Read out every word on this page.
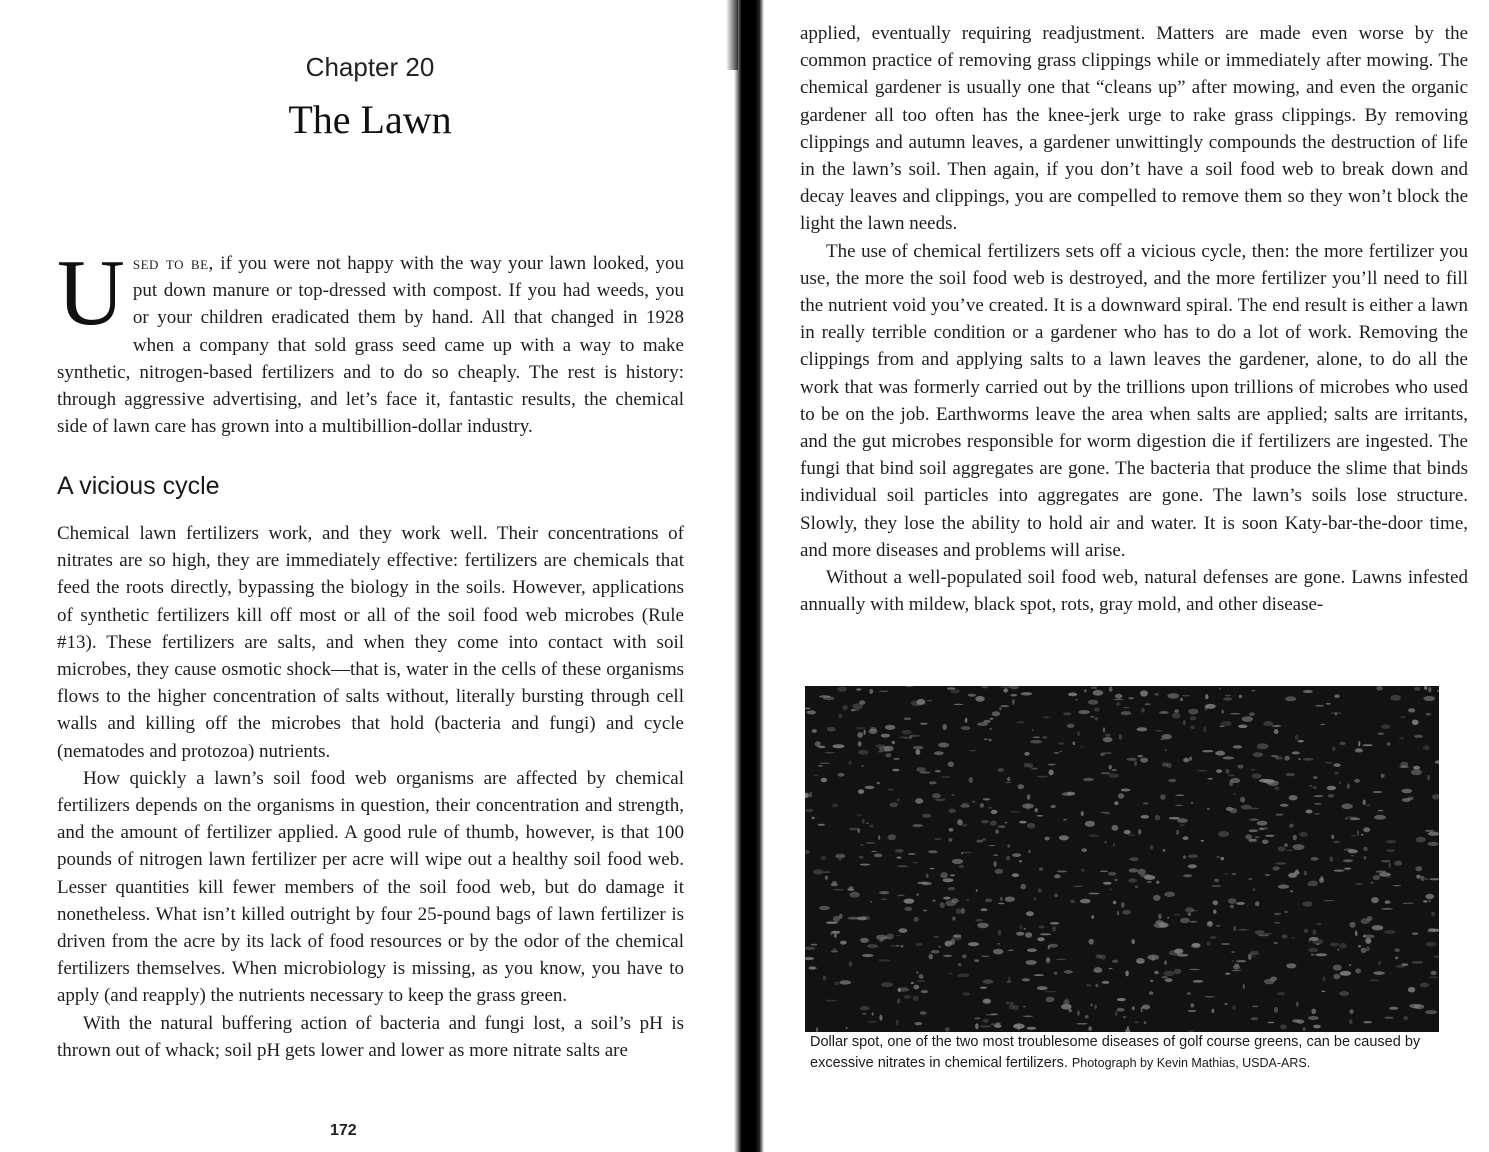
Chapter 20
The Lawn
Used to be, if you were not happy with the way your lawn looked, you put down manure or top-dressed with compost. If you had weeds, you or your children eradicated them by hand. All that changed in 1928 when a company that sold grass seed came up with a way to make synthetic, nitrogen-based fertilizers and to do so cheaply. The rest is history: through aggressive advertising, and let’s face it, fantastic results, the chemical side of lawn care has grown into a multibillion-dollar industry.
A vicious cycle

Chemical lawn fertilizers work, and they work well. Their concentrations of nitrates are so high, they are immediately effective: fertilizers are chemicals that feed the roots directly, bypassing the biology in the soils. However, applications of synthetic fertilizers kill off most or all of the soil food web microbes (Rule #13). These fertilizers are salts, and when they come into contact with soil microbes, they cause osmotic shock—that is, water in the cells of these organisms flows to the higher concentration of salts without, literally bursting through cell walls and killing off the microbes that hold (bacteria and fungi) and cycle (nematodes and protozoa) nutrients.

How quickly a lawn’s soil food web organisms are affected by chemical fertilizers depends on the organisms in question, their concentration and strength, and the amount of fertilizer applied. A good rule of thumb, however, is that 100 pounds of nitrogen lawn fertilizer per acre will wipe out a healthy soil food web. Lesser quantities kill fewer members of the soil food web, but do damage it nonetheless. What isn’t killed outright by four 25-pound bags of lawn fertilizer is driven from the acre by its lack of food resources or by the odor of the chemical fertilizers themselves. When microbiology is missing, as you know, you have to apply (and reapply) the nutrients necessary to keep the grass green.

With the natural buffering action of bacteria and fungi lost, a soil’s pH is thrown out of whack; soil pH gets lower and lower as more nitrate salts are

172

applied, eventually requiring readjustment. Matters are made even worse by the common practice of removing grass clippings while or immediately after mowing. The chemical gardener is usually one that “cleans up” after mowing, and even the organic gardener all too often has the knee-jerk urge to rake grass clippings. By removing clippings and autumn leaves, a gardener unwittingly compounds the destruction of life in the lawn’s soil. Then again, if you don’t have a soil food web to break down and decay leaves and clippings, you are compelled to remove them so they won’t block the light the lawn needs.

The use of chemical fertilizers sets off a vicious cycle, then: the more fertilizer you use, the more the soil food web is destroyed, and the more fertilizer you’ll need to fill the nutrient void you’ve created. It is a downward spiral. The end result is either a lawn in really terrible condition or a gardener who has to do a lot of work. Removing the clippings from and applying salts to a lawn leaves the gardener, alone, to do all the work that was formerly carried out by the trillions upon trillions of microbes who used to be on the job. Earthworms leave the area when salts are applied; salts are irritants, and the gut microbes responsible for worm digestion die if fertilizers are ingested. The fungi that bind soil aggregates are gone. The bacteria that produce the slime that binds individual soil particles into aggregates are gone. The lawn’s soils lose structure. Slowly, they lose the ability to hold air and water. It is soon Katy-bar-the-door time, and more diseases and problems will arise.

Without a well-populated soil food web, natural defenses are gone. Lawns infested annually with mildew, black spot, rots, gray mold, and other disease-

Dollar spot, one of the two most troublesome diseases of golf course greens, can be caused by excessive nitrates in chemical fertilizers. Photograph by Kevin Mathias, USDA-ARS.
